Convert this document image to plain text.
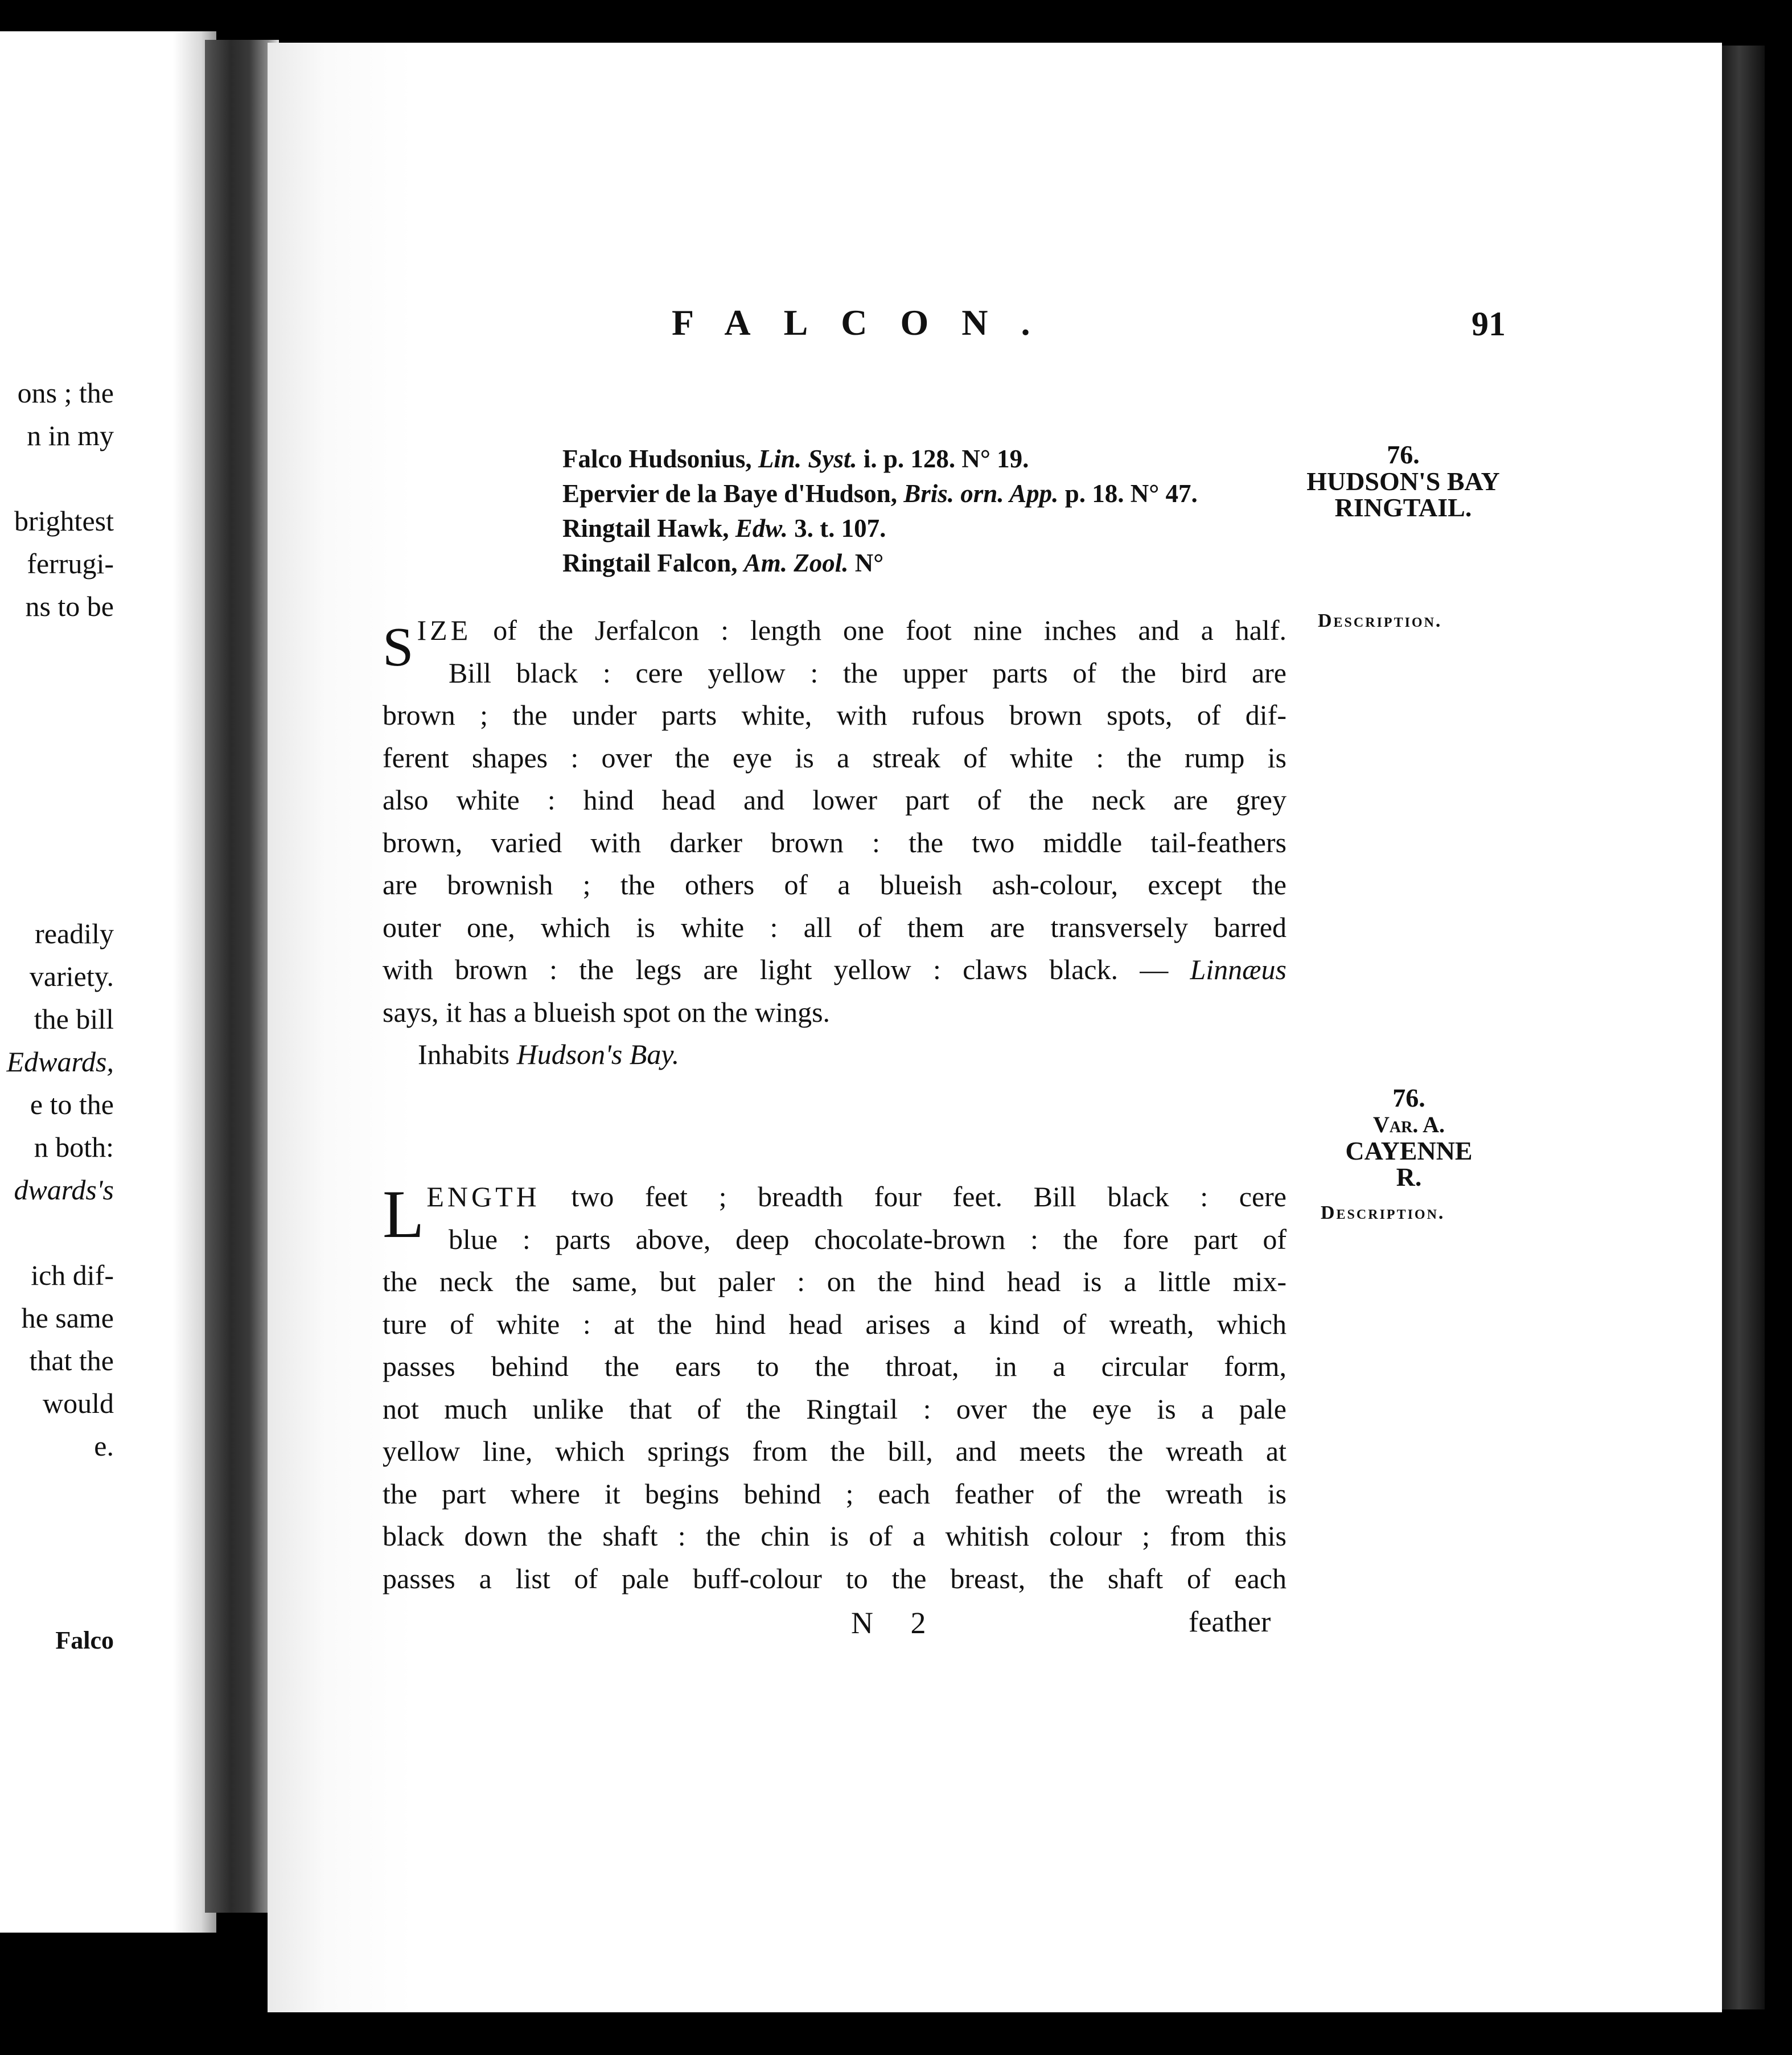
ons ; the
n in my
brightest
ferrugi-
ns to be
readily
variety.
the bill
Edwards,
e to the
n both:
dwards's
ich dif-
he same
that the
would
e.
Falco
FALCON.	91
Falco Hudsonius, Lin. Syst. i. p. 128. N° 19.
Epervier de la Baye d'Hudson, Bris. orn. App. p. 18. N° 47.
Ringtail Hawk, Edw. 3. t. 107.
Ringtail Falcon, Am. Zool. N°
76.
HUDSON'S BAY
RINGTAIL.
Description.
76.
Var. A.
CAYENNE
R.
Description.
S IZE of the Jerfalcon : length one foot nine inches and a half.
Bill black : cere yellow : the upper parts of the bird are
brown ; the under parts white, with rufous brown spots, of dif-
ferent shapes : over the eye is a streak of white : the rump is
also white : hind head and lower part of the neck are grey
brown, varied with darker brown : the two middle tail-feathers
are brownish ; the others of a blueish ash-colour, except the
outer one, which is white : all of them are transversely barred
with brown : the legs are light yellow : claws black. — Linnæus
says, it has a blueish spot on the wings.
Inhabits Hudson's Bay.
L ENGTH two feet ; breadth four feet. Bill black : cere
blue : parts above, deep chocolate-brown : the fore part of
the neck the same, but paler : on the hind head is a little mix-
ture of white : at the hind head arises a kind of wreath, which
passes behind the ears to the throat, in a circular form,
not much unlike that of the Ringtail : over the eye is a pale
yellow line, which springs from the bill, and meets the wreath at
the part where it begins behind ; each feather of the wreath is
black down the shaft : the chin is of a whitish colour ; from this
passes a list of pale buff-colour to the breast, the shaft of each
N 2	feather
